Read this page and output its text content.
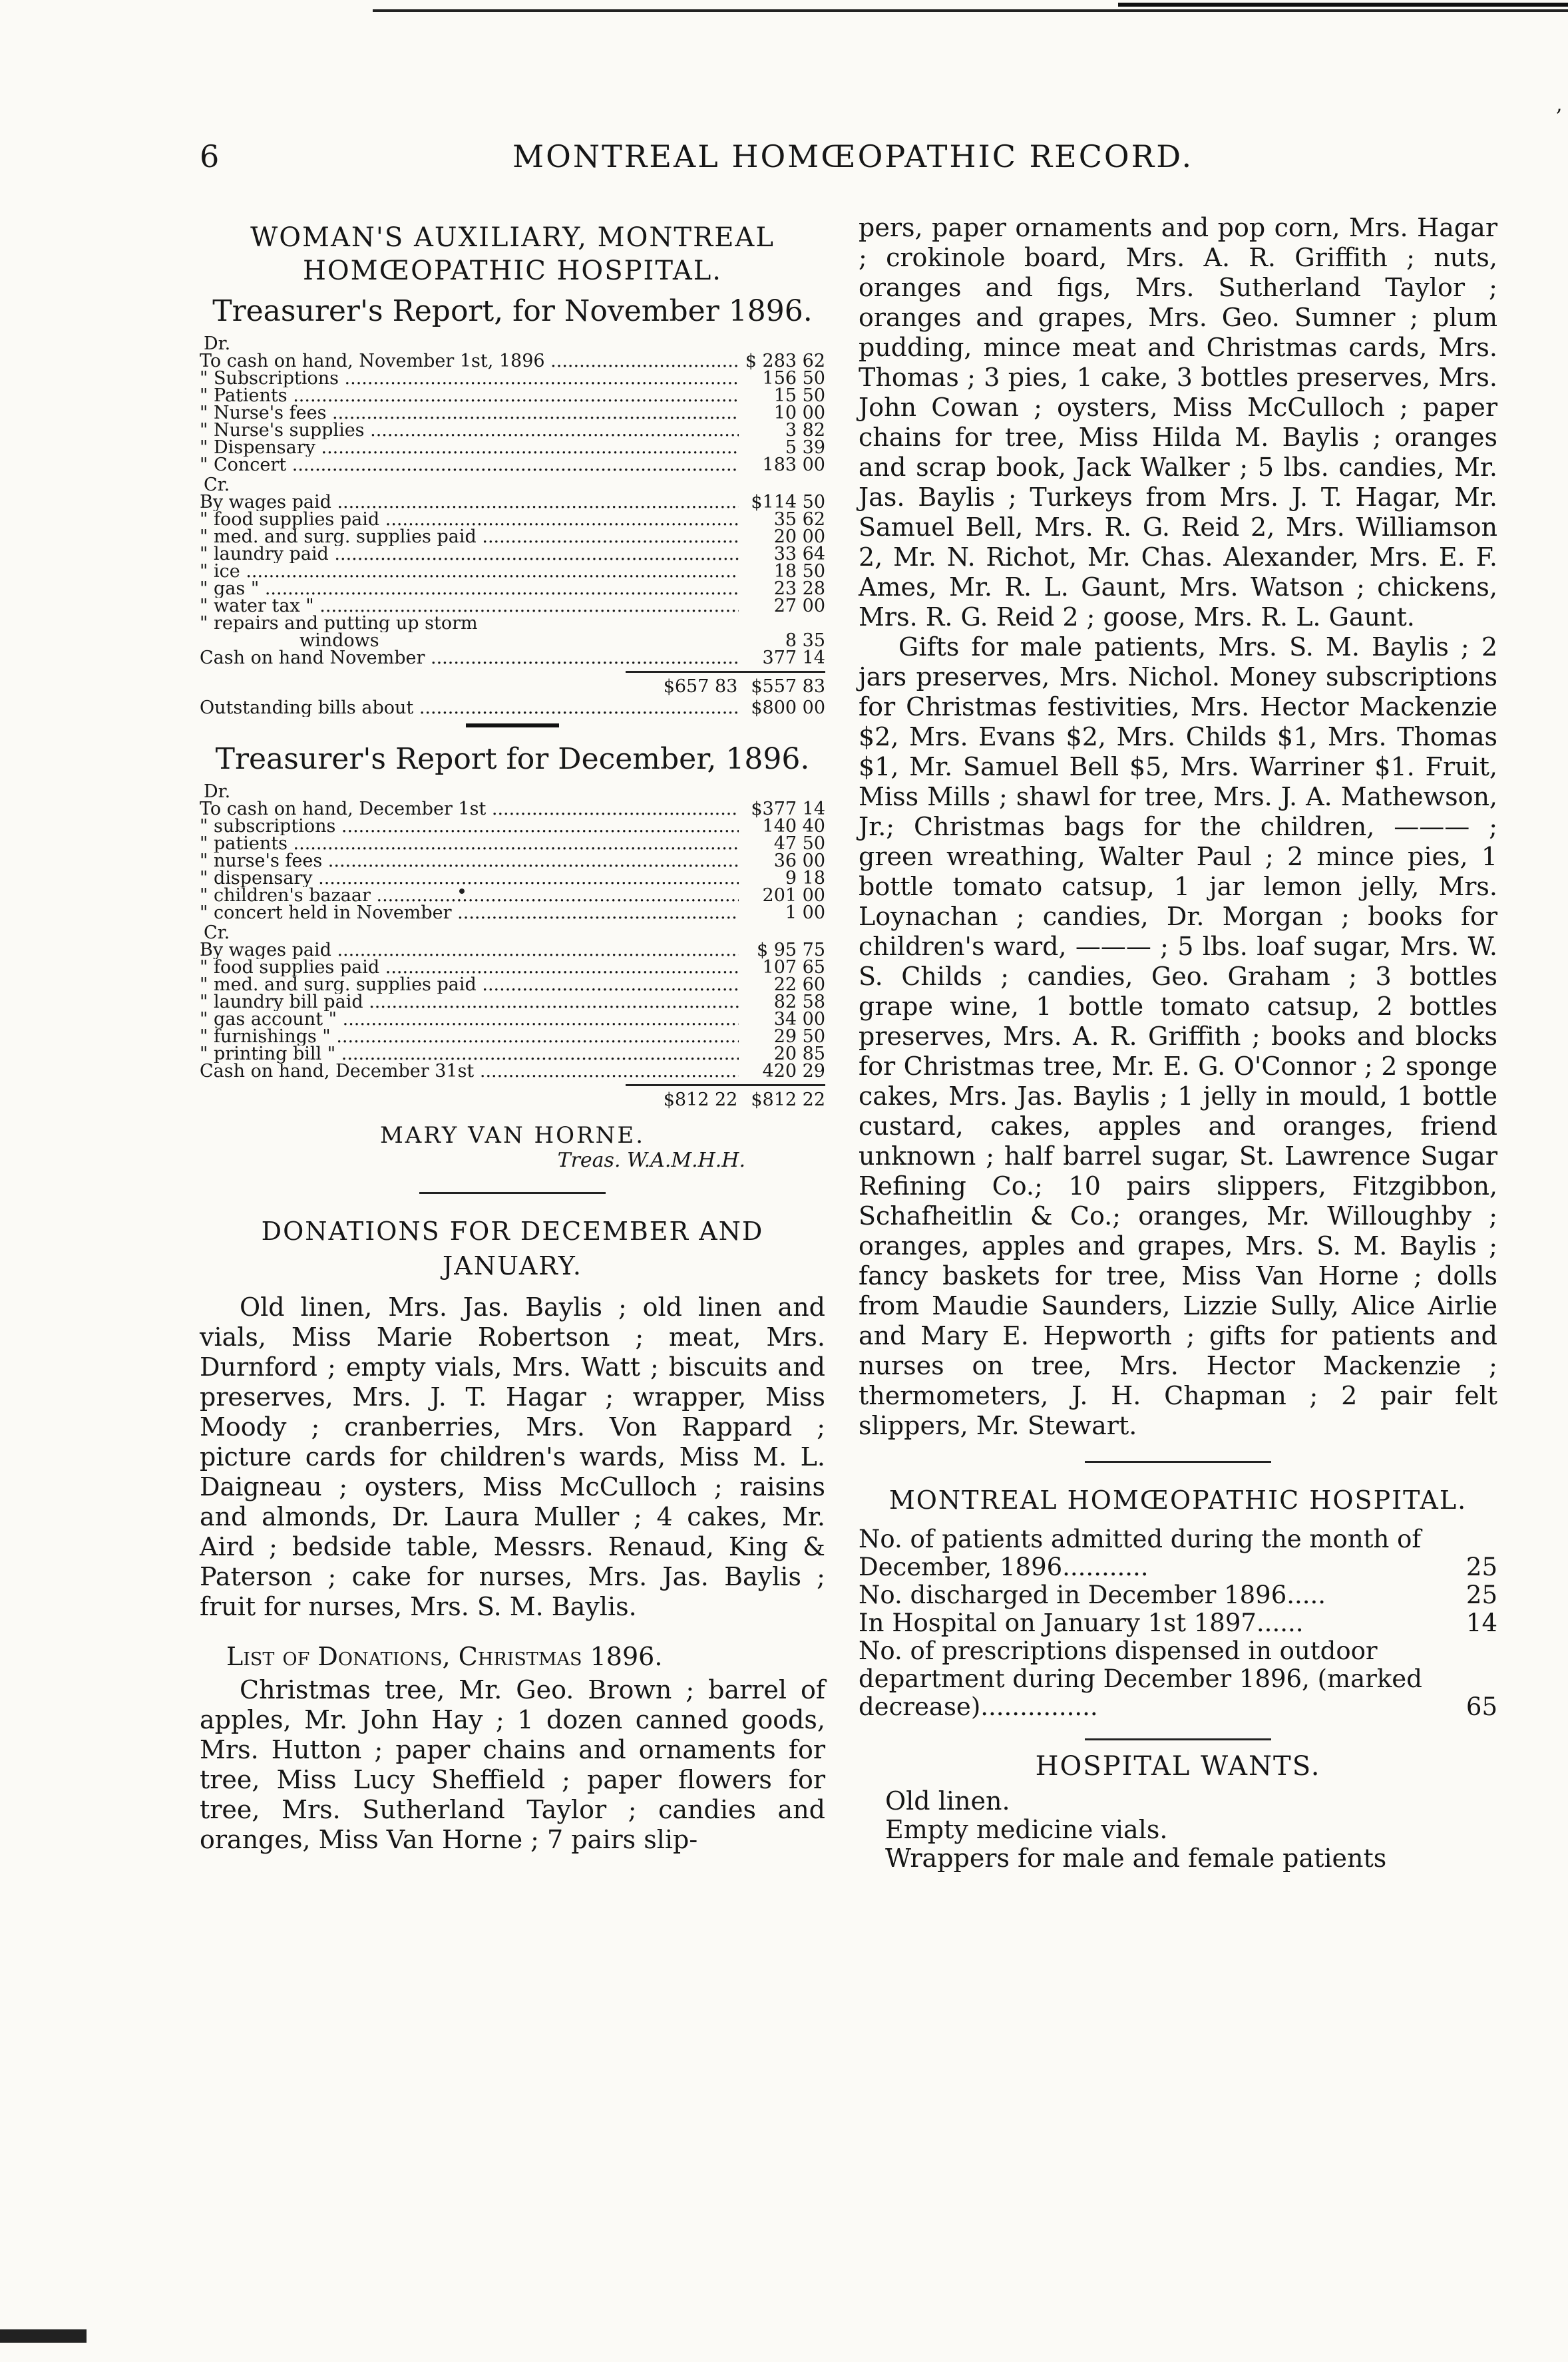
,
6	MONTREAL HOMŒOPATHIC RECORD.
WOMAN'S AUXILIARY, MONTREAL HOMŒOPATHIC HOSPITAL.
Treasurer's Report, for November 1896.
Dr.
To cash on hand, November 1st, 1896 .....	$ 283 62
" Subscriptions .....	156 50
" Patients .....	15 50
" Nurse's fees .....	10 00
" Nurse's supplies .....	3 82
" Dispensary .....	5 39
" Concert .....	183 00
Cr.
By wages paid .....	$114 50
" food supplies paid .....	35 62
" med. and surg. supplies paid .....	20 00
" laundry paid .....	33 64
" ice .....	18 50
" gas " .....	23 28
" water tax " .....	27 00
" repairs and putting up storm
windows	8 35
Cash on hand November .....	377 14
$657 83 $557 83
Outstanding bills about .....	$800 00
Treasurer's Report for December, 1896.
Dr.
To cash on hand, December 1st .....	$377 14
" subscriptions .....	140 40
" patients .....	47 50
" nurse's fees .....	36 00
" dispensary .....	9 18
" children's bazaar .....	201 00
" concert held in November .....	1 00
Cr.
By wages paid .....	$ 95 75
" food supplies paid .....	107 65
" med. and surg. supplies paid .....	22 60
" laundry bill paid .....	82 58
" gas account " .....	34 00
" furnishings " .....	29 50
" printing bill " .....	20 85
Cash on hand, December 31st .....	420 29
$812 22 $812 22
MARY VAN HORNE.
Treas. W.A.M.H.H.
DONATIONS FOR DECEMBER AND JANUARY.

Old linen, Mrs. Jas. Baylis ; old linen and vials, Miss Marie Robertson ; meat, Mrs. Durnford ; empty vials, Mrs. Watt ; biscuits and preserves, Mrs. J. T. Hagar ; wrapper, Miss Moody ; cranberries, Mrs. Von Rappard ; picture cards for children's wards, Miss M. L. Daigneau ; oysters, Miss McCulloch ; raisins and almonds, Dr. Laura Muller ; 4 cakes, Mr. Aird ; bedside table, Messrs. Renaud, King & Paterson ; cake for nurses, Mrs. Jas. Baylis ; fruit for nurses, Mrs. S. M. Baylis.

List of Donations, Christmas 1896.

Christmas tree, Mr. Geo. Brown ; barrel of apples, Mr. John Hay ; 1 dozen canned goods, Mrs. Hutton ; paper chains and ornaments for tree, Miss Lucy Sheffield ; paper flowers for tree, Mrs. Sutherland Taylor ; candies and oranges, Miss Van Horne ; 7 pairs slip-

pers, paper ornaments and pop corn, Mrs. Hagar ; crokinole board, Mrs. A. R. Griffith ; nuts, oranges and figs, Mrs. Sutherland Taylor ; oranges and grapes, Mrs. Geo. Sumner ; plum pudding, mince meat and Christmas cards, Mrs. Thomas ; 3 pies, 1 cake, 3 bottles preserves, Mrs. John Cowan ; oysters, Miss McCulloch ; paper chains for tree, Miss Hilda M. Baylis ; oranges and scrap book, Jack Walker ; 5 lbs. candies, Mr. Jas. Baylis ; Turkeys from Mrs. J. T. Hagar, Mr. Samuel Bell, Mrs. R. G. Reid 2, Mrs. Williamson 2, Mr. N. Richot, Mr. Chas. Alexander, Mrs. E. F. Ames, Mr. R. L. Gaunt, Mrs. Watson ; chickens, Mrs. R. G. Reid 2 ; goose, Mrs. R. L. Gaunt.

Gifts for male patients, Mrs. S. M. Baylis ; 2 jars preserves, Mrs. Nichol. Money subscriptions for Christmas festivities, Mrs. Hector Mackenzie $2, Mrs. Evans $2, Mrs. Childs $1, Mrs. Thomas $1, Mr. Samuel Bell $5, Mrs. Warriner $1. Fruit, Miss Mills ; shawl for tree, Mrs. J. A. Mathewson, Jr.; Christmas bags for the children, ——— ; green wreathing, Walter Paul ; 2 mince pies, 1 bottle tomato catsup, 1 jar lemon jelly, Mrs. Loynachan ; candies, Dr. Morgan ; books for children's ward, ——— ; 5 lbs. loaf sugar, Mrs. W. S. Childs ; candies, Geo. Graham ; 3 bottles grape wine, 1 bottle tomato catsup, 2 bottles preserves, Mrs. A. R. Griffith ; books and blocks for Christmas tree, Mr. E. G. O'Connor ; 2 sponge cakes, Mrs. Jas. Baylis ; 1 jelly in mould, 1 bottle custard, cakes, apples and oranges, friend unknown ; half barrel sugar, St. Lawrence Sugar Refining Co.; 10 pairs slippers, Fitzgibbon, Schafheitlin & Co.; oranges, Mr. Willoughby ; oranges, apples and grapes, Mrs. S. M. Baylis ; fancy baskets for tree, Miss Van Horne ; dolls from Maudie Saunders, Lizzie Sully, Alice Airlie and Mary E. Hepworth ; gifts for patients and nurses on tree, Mrs. Hector Mackenzie ; thermometers, J. H. Chapman ; 2 pair felt slippers, Mr. Stewart.

MONTREAL HOMŒOPATHIC HOSPITAL.
No. of patients admitted during the month of December, 1896...........	25
No. discharged in December 1896.....	25
In Hospital on January 1st 1897......	14
No. of prescriptions dispensed in outdoor department during December 1896, (marked decrease)...............	65
HOSPITAL WANTS.
Old linen.
Empty medicine vials.
Wrappers for male and female patients
